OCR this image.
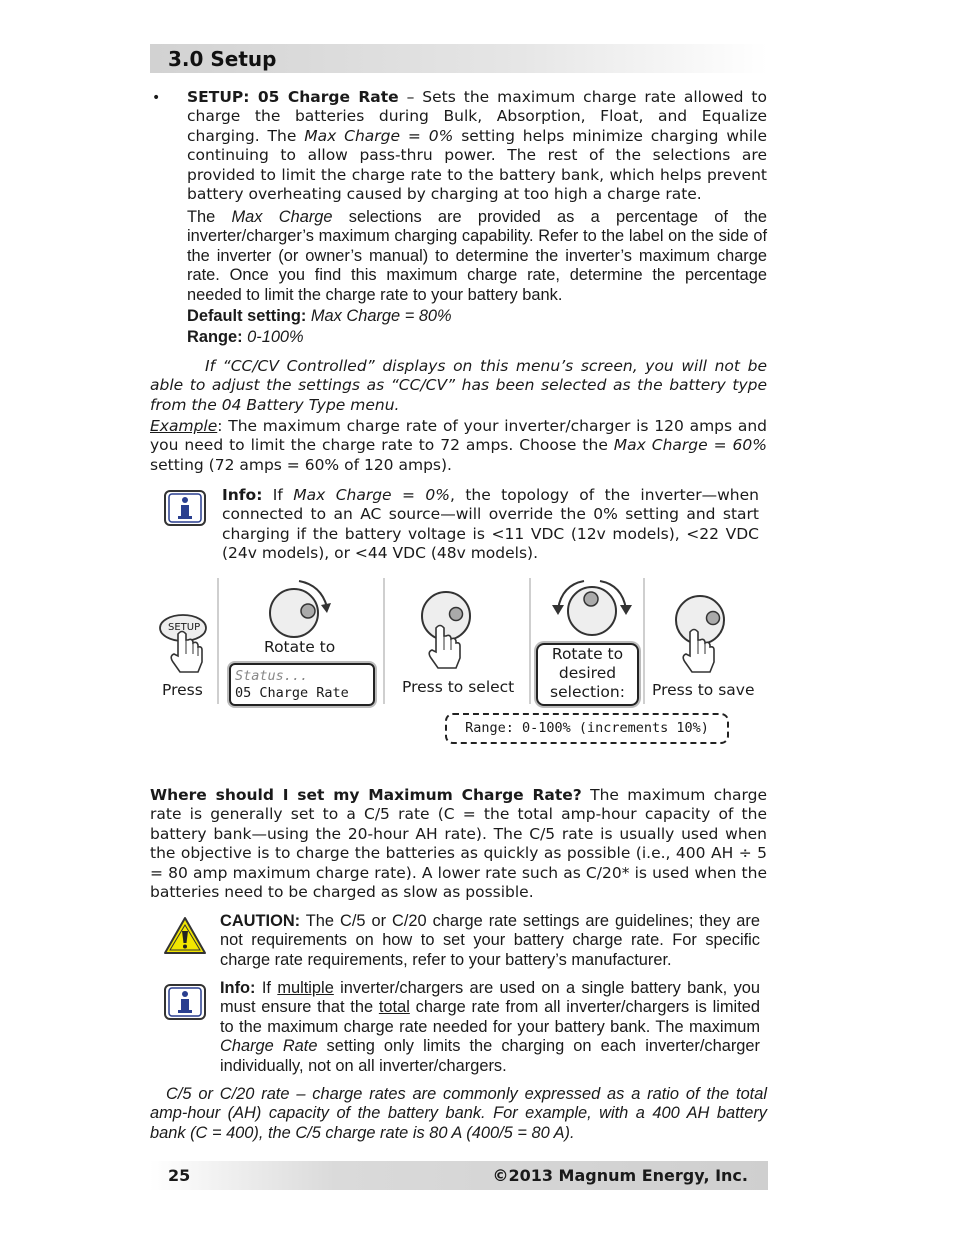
3.0 Setup
• SETUP: 05 Charge Rate – Sets the maximum charge rate allowed to charge the batteries during Bulk, Absorption, Float, and Equalize charging. The Max Charge = 0% setting helps minimize charging while continuing to allow pass-thru power. The rest of the selections are provided to limit the charge rate to the battery bank, which helps prevent battery overheating caused by charging at too high a charge rate.
The Max Charge selections are provided as a percentage of the inverter/charger’s maximum charging capability. Refer to the label on the side of the inverter (or owner’s manual) to determine the inverter’s maximum charge rate. Once you find this maximum charge rate, determine the percentage needed to limit the charge rate to your battery bank.
Default setting: Max Charge = 80%
Range: 0-100%
If “CC/CV Controlled” displays on this menu’s screen, you will not be able to adjust the settings as “CC/CV” has been selected as the battery type from the 04 Battery Type menu.
Example: The maximum charge rate of your inverter/charger is 120 amps and you need to limit the charge rate to 72 amps. Choose the Max Charge = 60% setting (72 amps = 60% of 120 amps).
Info: If Max Charge = 0%, the topology of the inverter—when connected to an AC source—will override the 0% setting and start charging if the battery voltage is <11 VDC (12v models), <22 VDC (24v models), or <44 VDC (48v models).
SETUP
Press
Rotate to
Status...
05 Charge Rate	Press to select
Rotate to
desired
selection:	Press to save
Range: 0-100% (increments 10%)
Where should I set my Maximum Charge Rate? The maximum charge rate is generally set to a C/5 rate (C = the total amp-hour capacity of the battery bank—using the 20-hour AH rate). The C/5 rate is usually used when the objective is to charge the batteries as quickly as possible (i.e., 400 AH ÷ 5 = 80 amp maximum charge rate). A lower rate such as C/20* is used when the batteries need to be charged as slow as possible.
CAUTION: The C/5 or C/20 charge rate settings are guidelines; they are not requirements on how to set your battery charge rate. For specific charge rate requirements, refer to your battery’s manufacturer.
Info: If multiple inverter/chargers are used on a single battery bank, you must ensure that the total charge rate from all inverter/chargers is limited to the maximum charge rate needed for your battery bank. The maximum Charge Rate setting only limits the charging on each inverter/charger individually, not on all inverter/chargers.
C/5 or C/20 rate – charge rates are commonly expressed as a ratio of the total amp-hour (AH) capacity of the battery bank. For example, with a 400 AH battery bank (C = 400), the C/5 charge rate is 80 A (400/5 = 80 A).
25	©2013 Magnum Energy, Inc.
